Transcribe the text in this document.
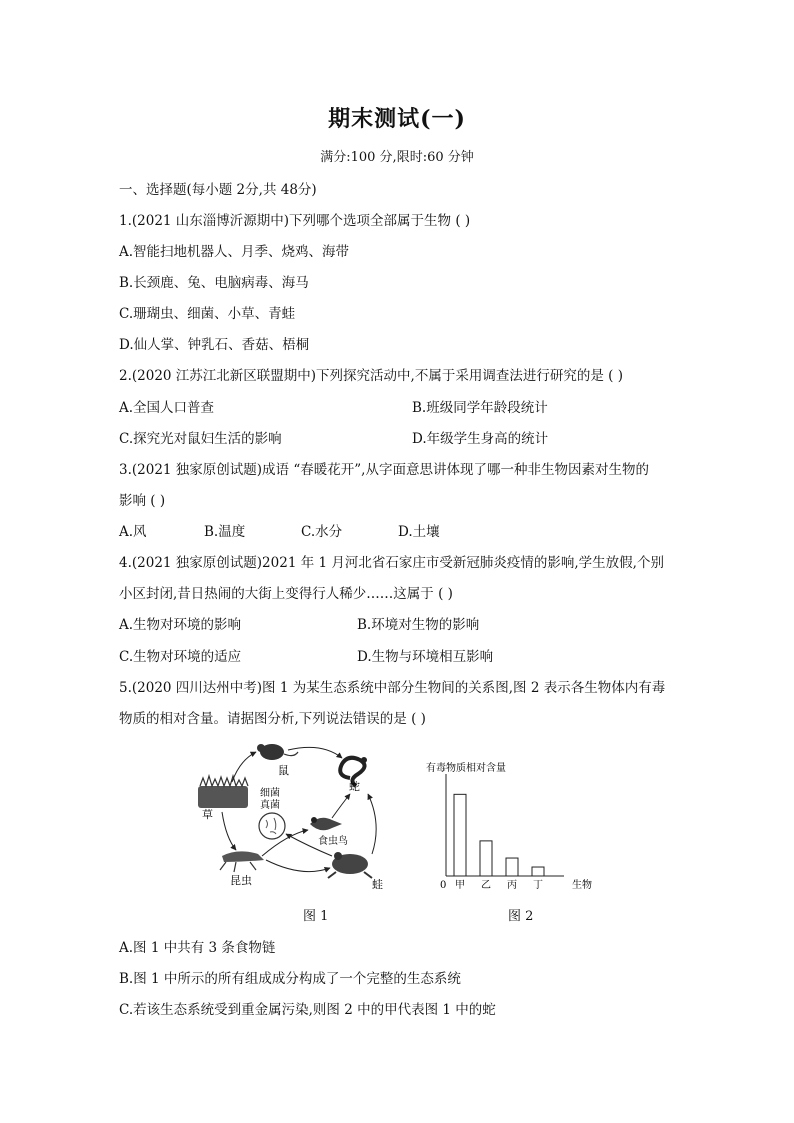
期末测试(一)
满分:100 分,限时:60 分钟
一、选择题(每小题 2分,共 48分)
1.(2021 山东淄博沂源期中)下列哪个选项全部属于生物 ( )
A.智能扫地机器人、月季、烧鸡、海带
B.长颈鹿、兔、电脑病毒、海马
C.珊瑚虫、细菌、小草、青蛙
D.仙人掌、钟乳石、香菇、梧桐
2.(2020 江苏江北新区联盟期中)下列探究活动中,不属于采用调查法进行研究的是 ( )
A.全国人口普查	B.班级同学年龄段统计
C.探究光对鼠妇生活的影响	D.年级学生身高的统计
3.(2021 独家原创试题)成语 “春暖花开”,从字面意思讲体现了哪一种非生物因素对生物的
影响 ( )
A.风	B.温度	C.水分	D.土壤
4.(2021 独家原创试题)2021 年 1 月河北省石家庄市受新冠肺炎疫情的影响,学生放假,个别
小区封闭,昔日热闹的大街上变得行人稀少……这属于 ( )
A.生物对环境的影响	B.环境对生物的影响
C.生物对环境的适应	D.生物与环境相互影响
5.(2020 四川达州中考)图 1 为某生态系统中部分生物间的关系图,图 2 表示各生物体内有毒
物质的相对含量。请据图分析,下列说法错误的是 ( )
草
鼠
蛇
细菌
真菌
食虫鸟
昆虫	蛙
图 1
有毒物质相对含量
0	生物
甲 乙 丙 丁
图 2
A.图 1 中共有 3 条食物链
B.图 1 中所示的所有组成成分构成了一个完整的生态系统
C.若该生态系统受到重金属污染,则图 2 中的甲代表图 1 中的蛇
